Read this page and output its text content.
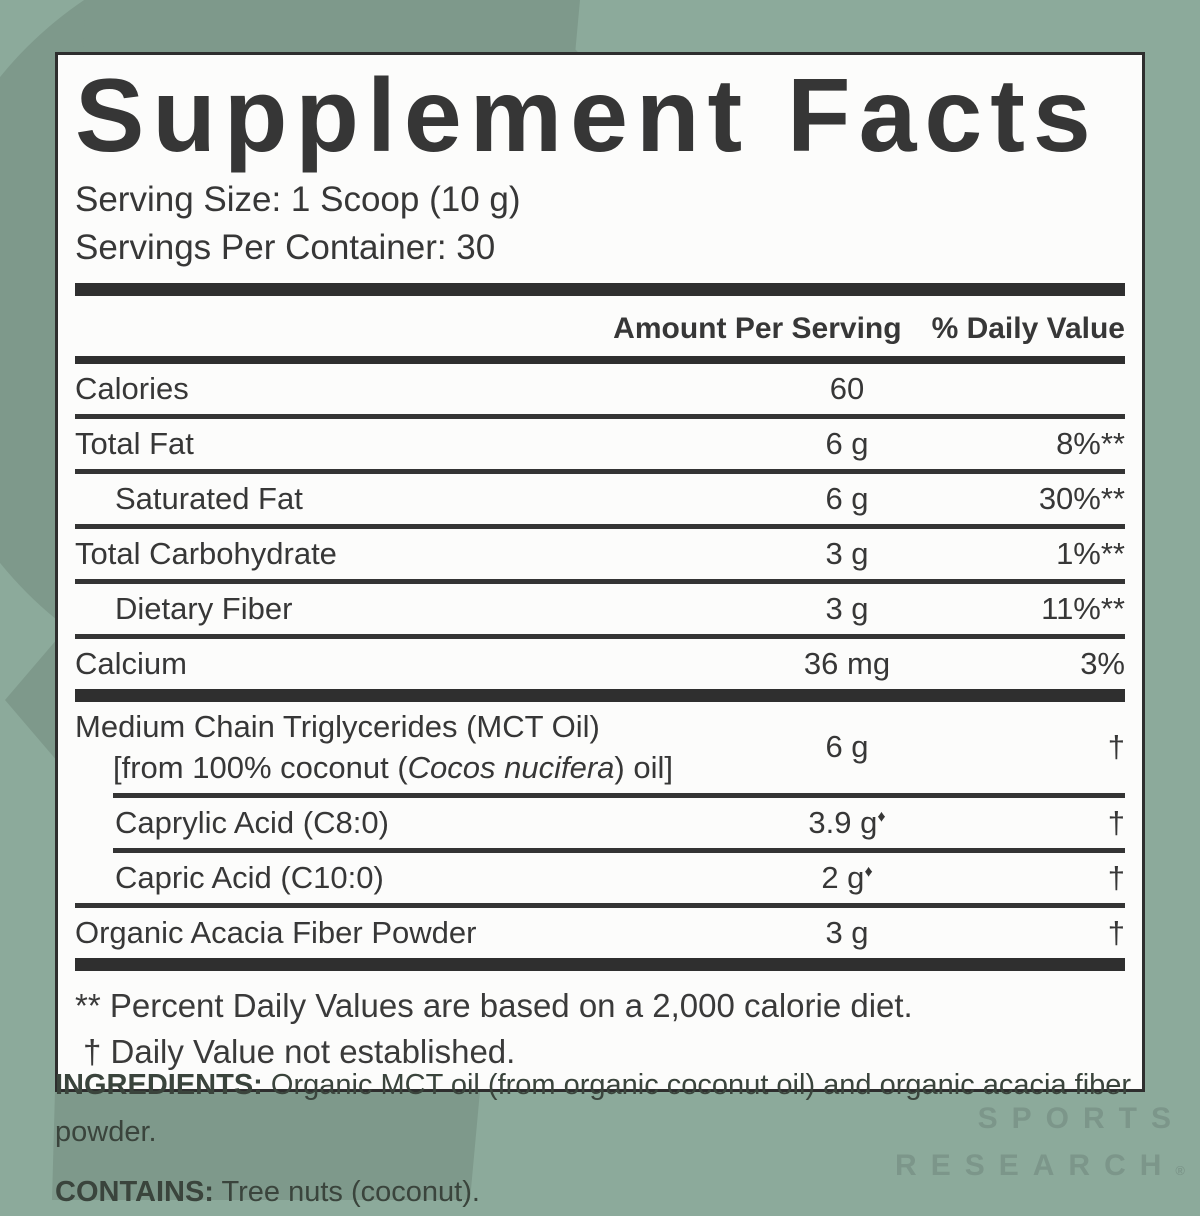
Supplement Facts
Serving Size: 1 Scoop (10 g)
Servings Per Container: 30
Amount Per Serving % Daily Value
Calories	60
Total Fat	6 g	8%**
Saturated Fat	6 g	30%**
Total Carbohydrate	3 g	1%**
Dietary Fiber	3 g	11%**
Calcium	36 mg	3%
Medium Chain Triglycerides (MCT Oil)
[from 100% coconut (Cocos nucifera) oil]
6 g	†
Caprylic Acid (C8:0)	3.9 g♦	†
Capric Acid (C10:0)	2 g♦	†
Organic Acacia Fiber Powder	3 g	†
** Percent Daily Values are based on a 2,000 calorie diet.
† Daily Value not established.
INGREDIENTS: Organic MCT oil (from organic coconut oil) and organic acacia fiber powder.
CONTAINS: Tree nuts (coconut).
SPORTS
RESEARCH®
